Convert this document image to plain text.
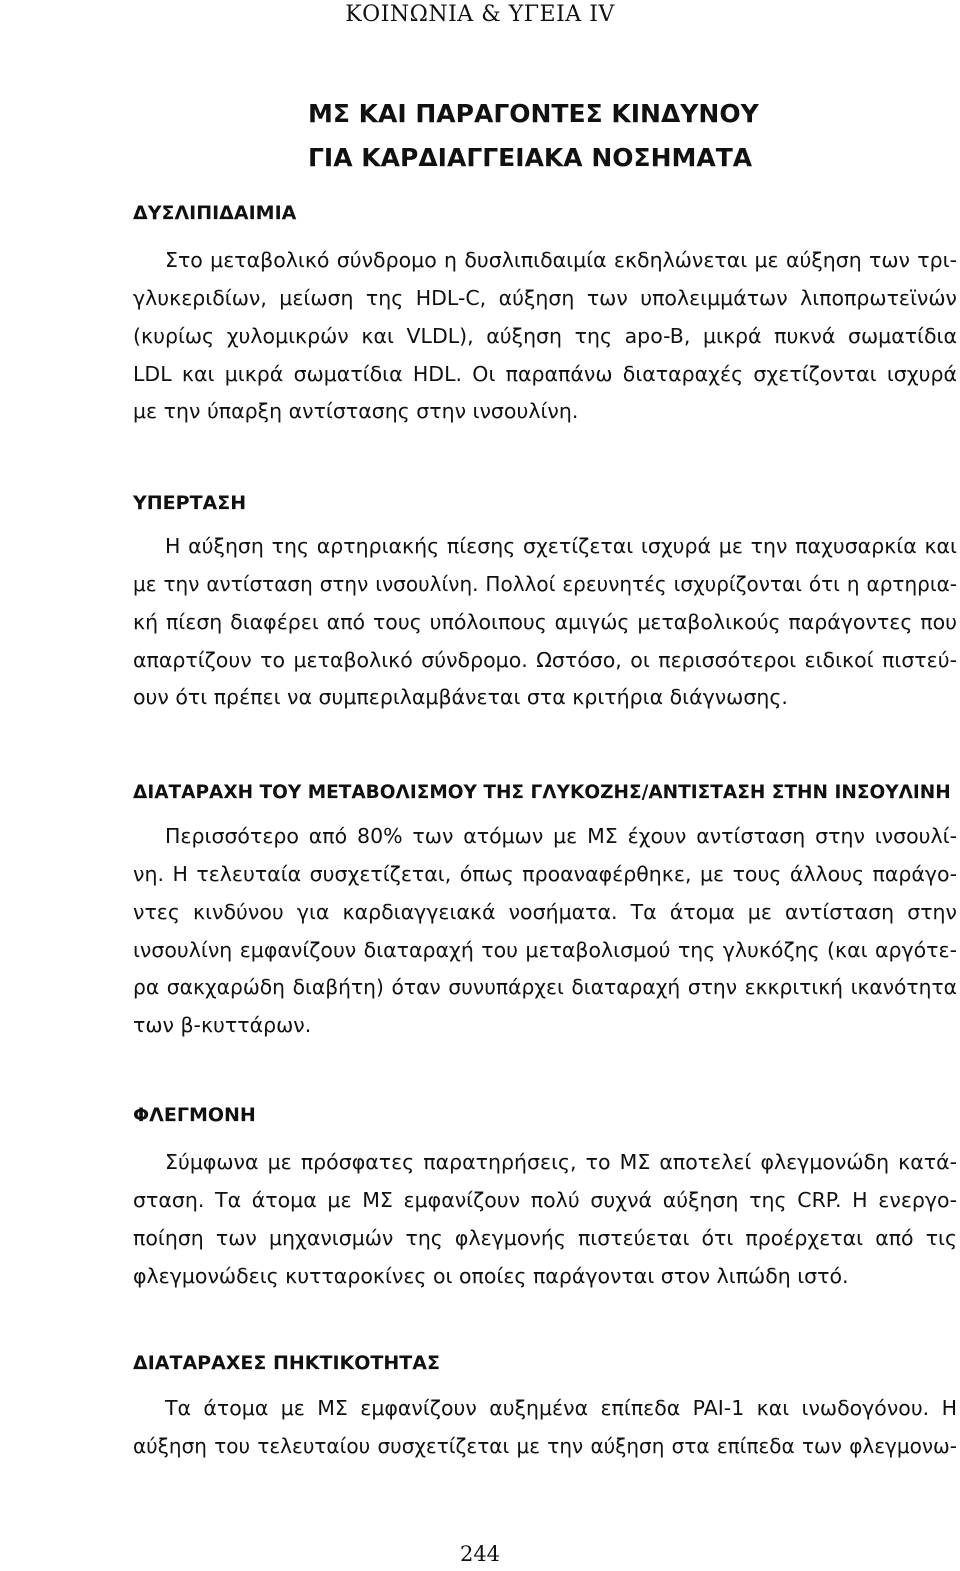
ΚΟΙΝΩΝΙΑ & ΥΓΕΙΑ IV
ΜΣ ΚΑΙ ΠΑΡΑΓΟΝΤΕΣ ΚΙΝΔΥΝΟΥ
ΓΙΑ ΚΑΡΔΙΑΓΓΕΙΑΚΑ ΝΟΣΗΜΑΤΑ
ΔΥΣΛΙΠΙΔΑΙΜΙΑ
Στο μεταβολικό σύνδρομο η δυσλιπιδαιμία εκδηλώνεται με αύξηση των τρι-
γλυκεριδίων, μείωση της HDL-C, αύξηση των υπολειμμάτων λιποπρωτεϊνών
(κυρίως χυλομικρών και VLDL), αύξηση της apo-B, μικρά πυκνά σωματίδια
LDL και μικρά σωματίδια HDL. Οι παραπάνω διαταραχές σχετίζονται ισχυρά
με την ύπαρξη αντίστασης στην ινσουλίνη.
ΥΠΕΡΤΑΣΗ
Η αύξηση της αρτηριακής πίεσης σχετίζεται ισχυρά με την παχυσαρκία και
με την αντίσταση στην ινσουλίνη. Πολλοί ερευνητές ισχυρίζονται ότι η αρτηρια-
κή πίεση διαφέρει από τους υπόλοιπους αμιγώς μεταβολικούς παράγοντες που
απαρτίζουν το μεταβολικό σύνδρομο. Ωστόσο, οι περισσότεροι ειδικοί πιστεύ-
ουν ότι πρέπει να συμπεριλαμβάνεται στα κριτήρια διάγνωσης.
ΔΙΑΤΑΡΑΧΗ ΤΟΥ ΜΕΤΑΒΟΛΙΣΜΟΥ ΤΗΣ ΓΛΥΚΟΖΗΣ/ΑΝΤΙΣΤΑΣΗ ΣΤΗΝ ΙΝΣΟΥΛΙΝΗ
Περισσότερο από 80% των ατόμων με ΜΣ έχουν αντίσταση στην ινσουλί-
νη. Η τελευταία συσχετίζεται, όπως προαναφέρθηκε, με τους άλλους παράγο-
ντες κινδύνου για καρδιαγγειακά νοσήματα. Τα άτομα με αντίσταση στην
ινσουλίνη εμφανίζουν διαταραχή του μεταβολισμού της γλυκόζης (και αργότε-
ρα σακχαρώδη διαβήτη) όταν συνυπάρχει διαταραχή στην εκκριτική ικανότητα
των β-κυττάρων.
ΦΛΕΓΜΟΝΗ
Σύμφωνα με πρόσφατες παρατηρήσεις, το ΜΣ αποτελεί φλεγμονώδη κατά-
σταση. Τα άτομα με ΜΣ εμφανίζουν πολύ συχνά αύξηση της CRP. Η ενεργο-
ποίηση των μηχανισμών της φλεγμονής πιστεύεται ότι προέρχεται από τις
φλεγμονώδεις κυτταροκίνες οι οποίες παράγονται στον λιπώδη ιστό.
ΔΙΑΤΑΡΑΧΕΣ ΠΗΚΤΙΚΟΤΗΤΑΣ
Τα άτομα με ΜΣ εμφανίζουν αυξημένα επίπεδα PAI-1 και ινωδογόνου. Η
αύξηση του τελευταίου συσχετίζεται με την αύξηση στα επίπεδα των φλεγμονω-
244
